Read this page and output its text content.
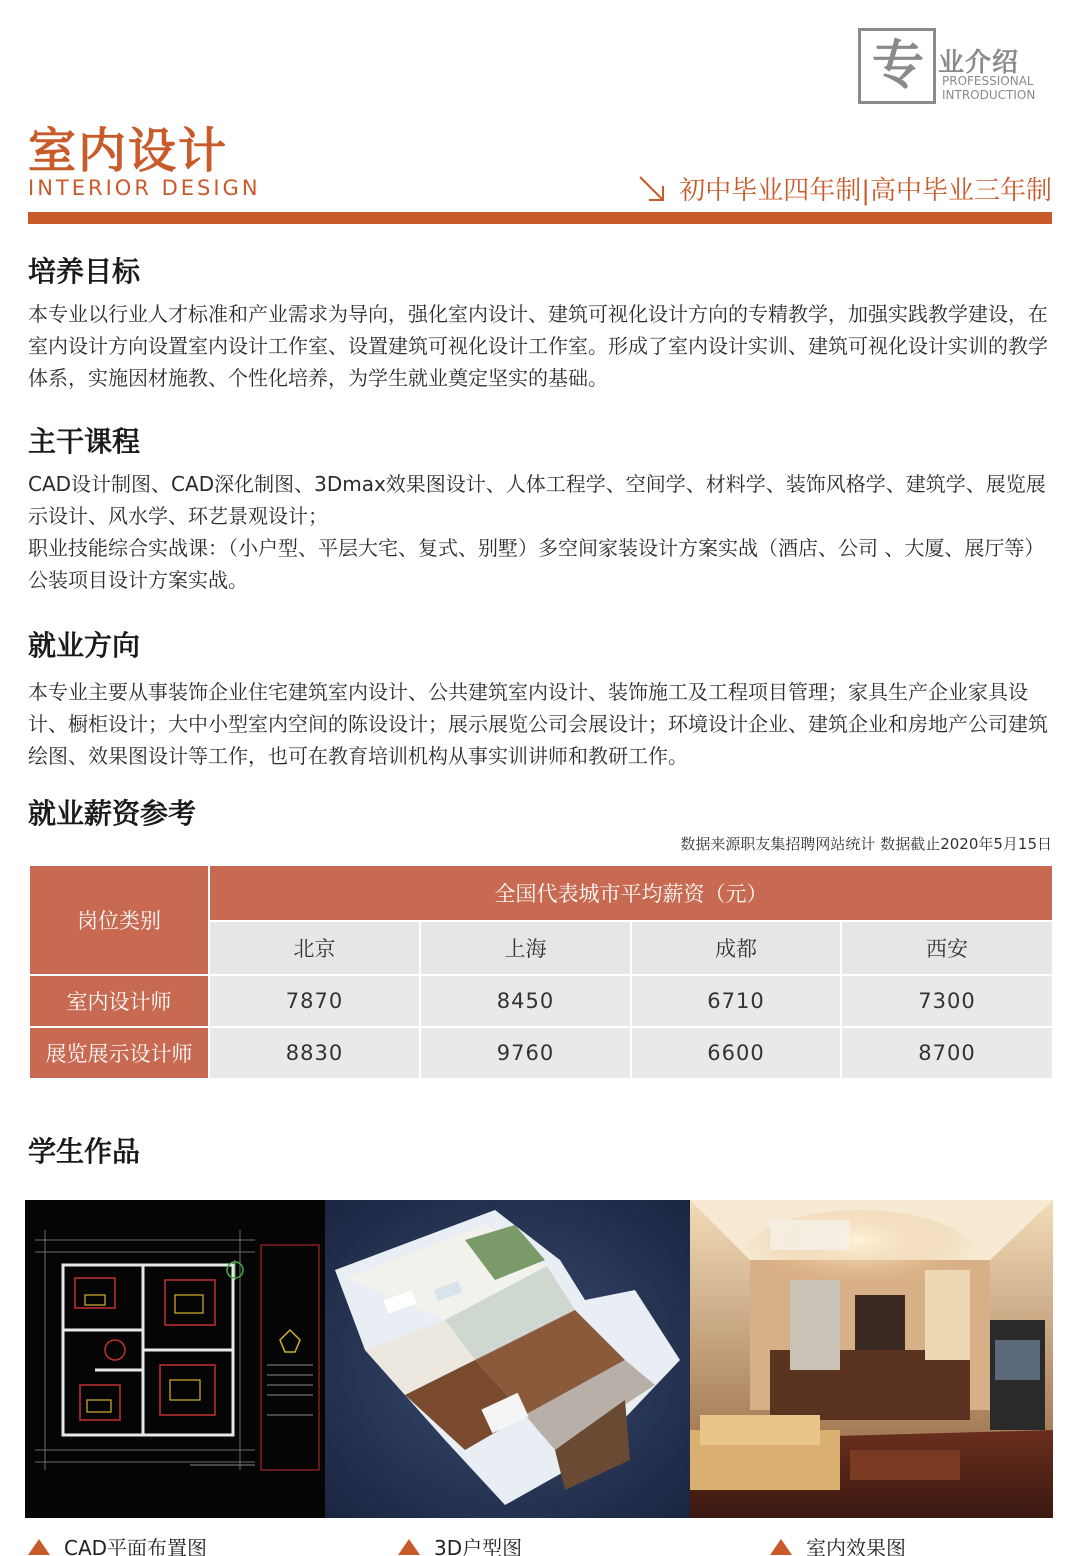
专 业介绍
PROFESSIONAL
INTRODUCTION
室内设计
INTERIOR DESIGN	初中毕业四年制|高中毕业三年制
培养目标
本专业以行业人才标准和产业需求为导向，强化室内设计、建筑可视化设计方向的专精教学，加强实践教学建设，在室内设计方向设置室内设计工作室、设置建筑可视化设计工作室。形成了室内设计实训、建筑可视化设计实训的教学体系，实施因材施教、个性化培养，为学生就业奠定坚实的基础。
主干课程

CAD设计制图、CAD深化制图、3Dmax效果图设计、人体工程学、空间学、材料学、装饰风格学、建筑学、展览展示设计、风水学、环艺景观设计；

职业技能综合实战课：（小户型、平层大宅、复式、别墅）多空间家装设计方案实战（酒店、公司 、大厦、展厅等）公装项目设计方案实战。

就业方向
本专业主要从事装饰企业住宅建筑室内设计、公共建筑室内设计、装饰施工及工程项目管理；家具生产企业家具设计、橱柜设计；大中小型室内空间的陈设设计；展示展览公司会展设计；环境设计企业、建筑企业和房地产公司建筑绘图、效果图设计等工作，也可在教育培训机构从事实训讲师和教研工作。
就业薪资参考
数据来源职友集招聘网站统计 数据截止2020年5月15日
岗位类别
全国代表城市平均薪资（元）
北京	上海	成都	西安
室内设计师	7870	8450	6710	7300
展览展示设计师	8830	9760	6600	8700
学生作品
CAD平面布置图	3D户型图	室内效果图
